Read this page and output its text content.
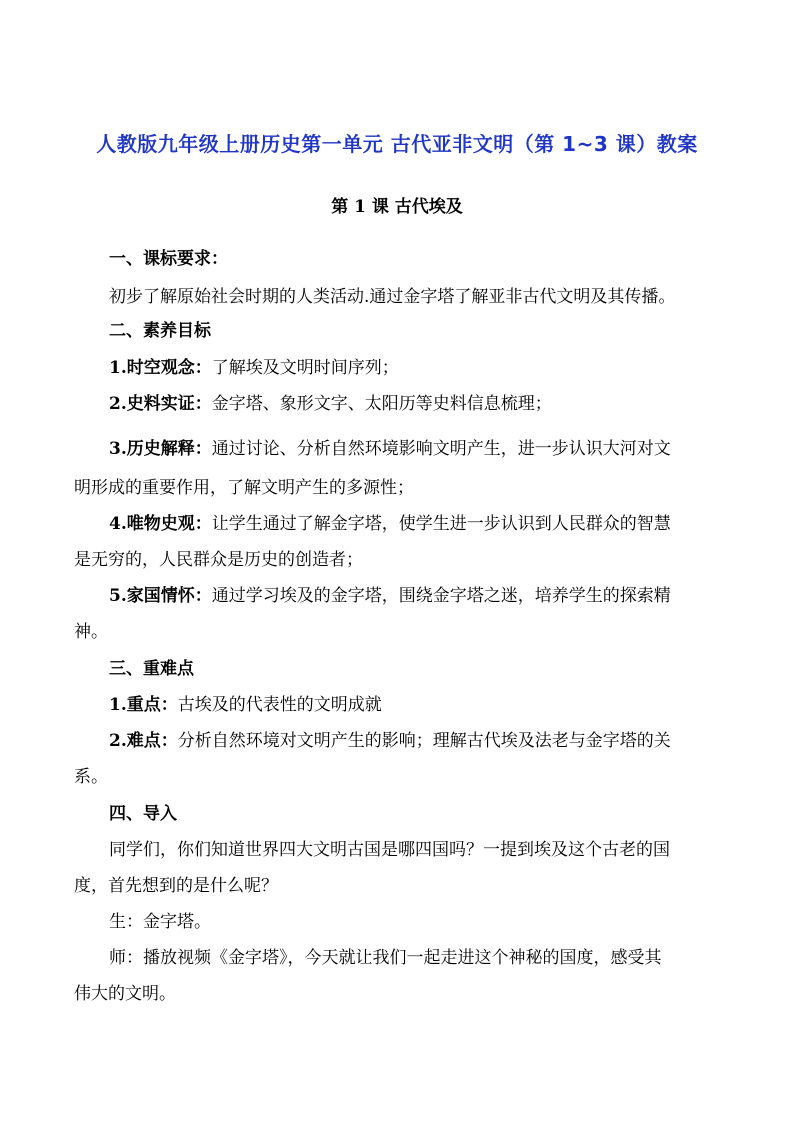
人教版九年级上册历史第一单元 古代亚非文明（第 1~3 课）教案
第 1 课 古代埃及
一、课标要求：
初步了解原始社会时期的人类活动.通过金字塔了解亚非古代文明及其传播。
二、素养目标
1.时空观念：了解埃及文明时间序列；
2.史料实证：金字塔、象形文字、太阳历等史料信息梳理；
3.历史解释：通过讨论、分析自然环境影响文明产生，进一步认识大河对文
明形成的重要作用，了解文明产生的多源性；
4.唯物史观：让学生通过了解金字塔，使学生进一步认识到人民群众的智慧
是无穷的，人民群众是历史的创造者；
5.家国情怀：通过学习埃及的金字塔，围绕金字塔之迷，培养学生的探索精
神。
三、重难点
1.重点：古埃及的代表性的文明成就
2.难点：分析自然环境对文明产生的影响；理解古代埃及法老与金字塔的关
系。
四、导入
同学们，你们知道世界四大文明古国是哪四国吗？一提到埃及这个古老的国
度，首先想到的是什么呢？
生：金字塔。
师：播放视频《金字塔》，今天就让我们一起走进这个神秘的国度，感受其
伟大的文明。
